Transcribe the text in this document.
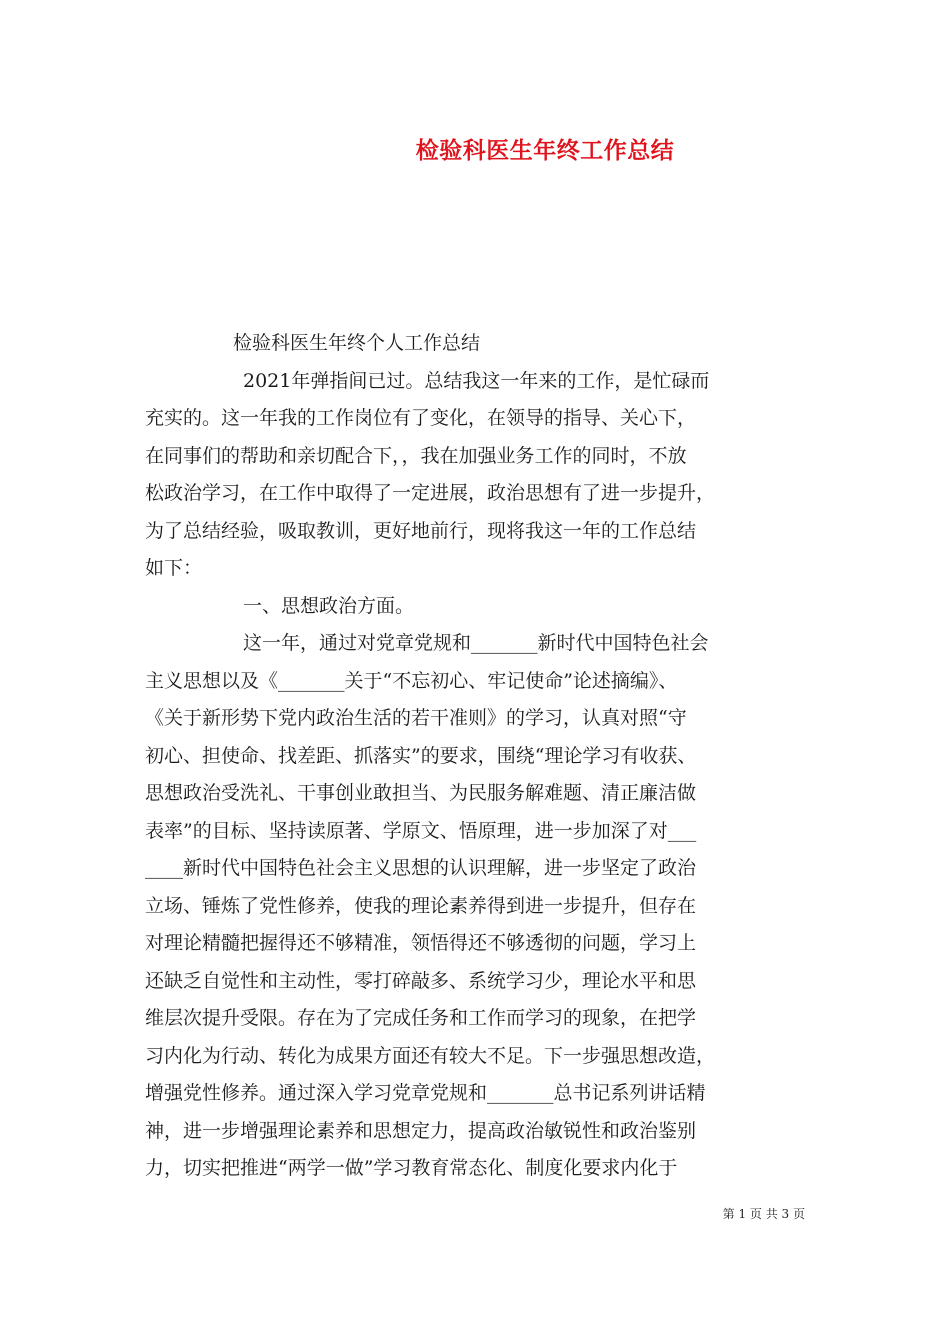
检验科医生年终工作总结
检验科医生年终个人工作总结
2021年弹指间已过。总结我这一年来的工作，是忙碌而
充实的。这一年我的工作岗位有了变化，在领导的指导、关心下，
在同事们的帮助和亲切配合下，，我在加强业务工作的同时，不放
松政治学习，在工作中取得了一定进展，政治思想有了进一步提升，
为了总结经验，吸取教训，更好地前行，现将我这一年的工作总结
如下：
一、思想政治方面。
这一年，通过对党章党规和_______新时代中国特色社会
主义思想以及《_______关于“不忘初心、牢记使命”论述摘编》、
《关于新形势下党内政治生活的若干准则》的学习，认真对照“守
初心、担使命、找差距、抓落实”的要求，围绕“理论学习有收获、
思想政治受洗礼、干事创业敢担当、为民服务解难题、清正廉洁做
表率”的目标、坚持读原著、学原文、悟原理，进一步加深了对___
____新时代中国特色社会主义思想的认识理解，进一步坚定了政治
立场、锤炼了党性修养，使我的理论素养得到进一步提升，但存在
对理论精髓把握得还不够精准，领悟得还不够透彻的问题，学习上
还缺乏自觉性和主动性，零打碎敲多、系统学习少，理论水平和思
维层次提升受限。存在为了完成任务和工作而学习的现象，在把学
习内化为行动、转化为成果方面还有较大不足。下一步强思想改造，
增强党性修养。通过深入学习党章党规和_______总书记系列讲话精
神，进一步增强理论素养和思想定力，提高政治敏锐性和政治鉴别
力，切实把推进“两学一做”学习教育常态化、制度化要求内化于
第 1 页 共 3 页
